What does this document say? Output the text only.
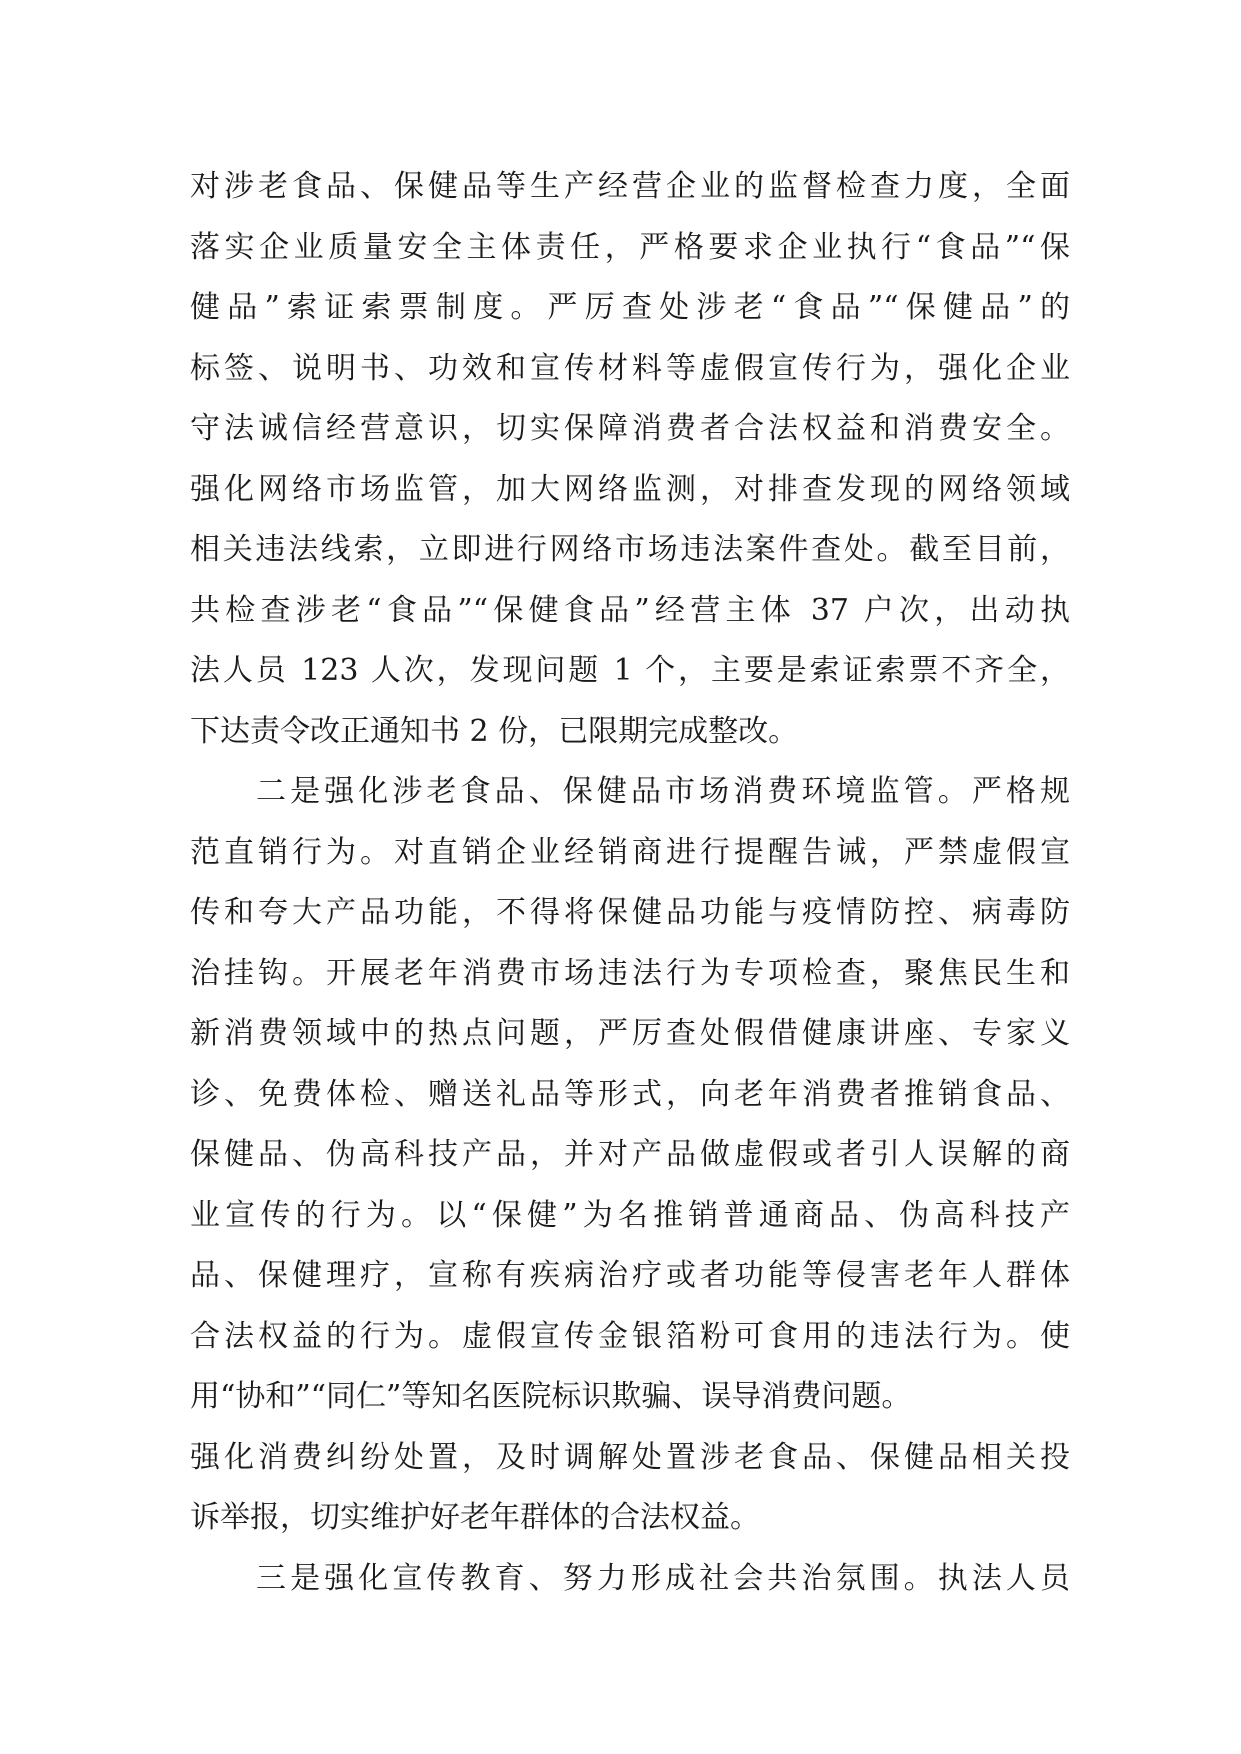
对涉老食品、保健品等生产经营企业的监督检查力度，全面
落实企业质量安全主体责任，严格要求企业执行“食品”“保
健品”索证索票制度。严厉查处涉老“食品”“保健品”的
标签、说明书、功效和宣传材料等虚假宣传行为，强化企业
守法诚信经营意识，切实保障消费者合法权益和消费安全。
强化网络市场监管，加大网络监测，对排查发现的网络领域
相关违法线索，立即进行网络市场违法案件查处。截至目前，
共检查涉老“食品”“保健食品”经营主体 37 户次，出动执
法人员 123 人次，发现问题 1 个，主要是索证索票不齐全，
下达责令改正通知书 2 份，已限期完成整改。
二是强化涉老食品、保健品市场消费环境监管。严格规
范直销行为。对直销企业经销商进行提醒告诫，严禁虚假宣
传和夸大产品功能，不得将保健品功能与疫情防控、病毒防
治挂钩。开展老年消费市场违法行为专项检查，聚焦民生和
新消费领域中的热点问题，严厉查处假借健康讲座、专家义
诊、免费体检、赠送礼品等形式，向老年消费者推销食品、
保健品、伪高科技产品，并对产品做虚假或者引人误解的商
业宣传的行为。以“保健”为名推销普通商品、伪高科技产
品、保健理疗，宣称有疾病治疗或者功能等侵害老年人群体
合法权益的行为。虚假宣传金银箔粉可食用的违法行为。使
用“协和”“同仁”等知名医院标识欺骗、误导消费问题。
强化消费纠纷处置，及时调解处置涉老食品、保健品相关投
诉举报，切实维护好老年群体的合法权益。
三是强化宣传教育、努力形成社会共治氛围。执法人员
